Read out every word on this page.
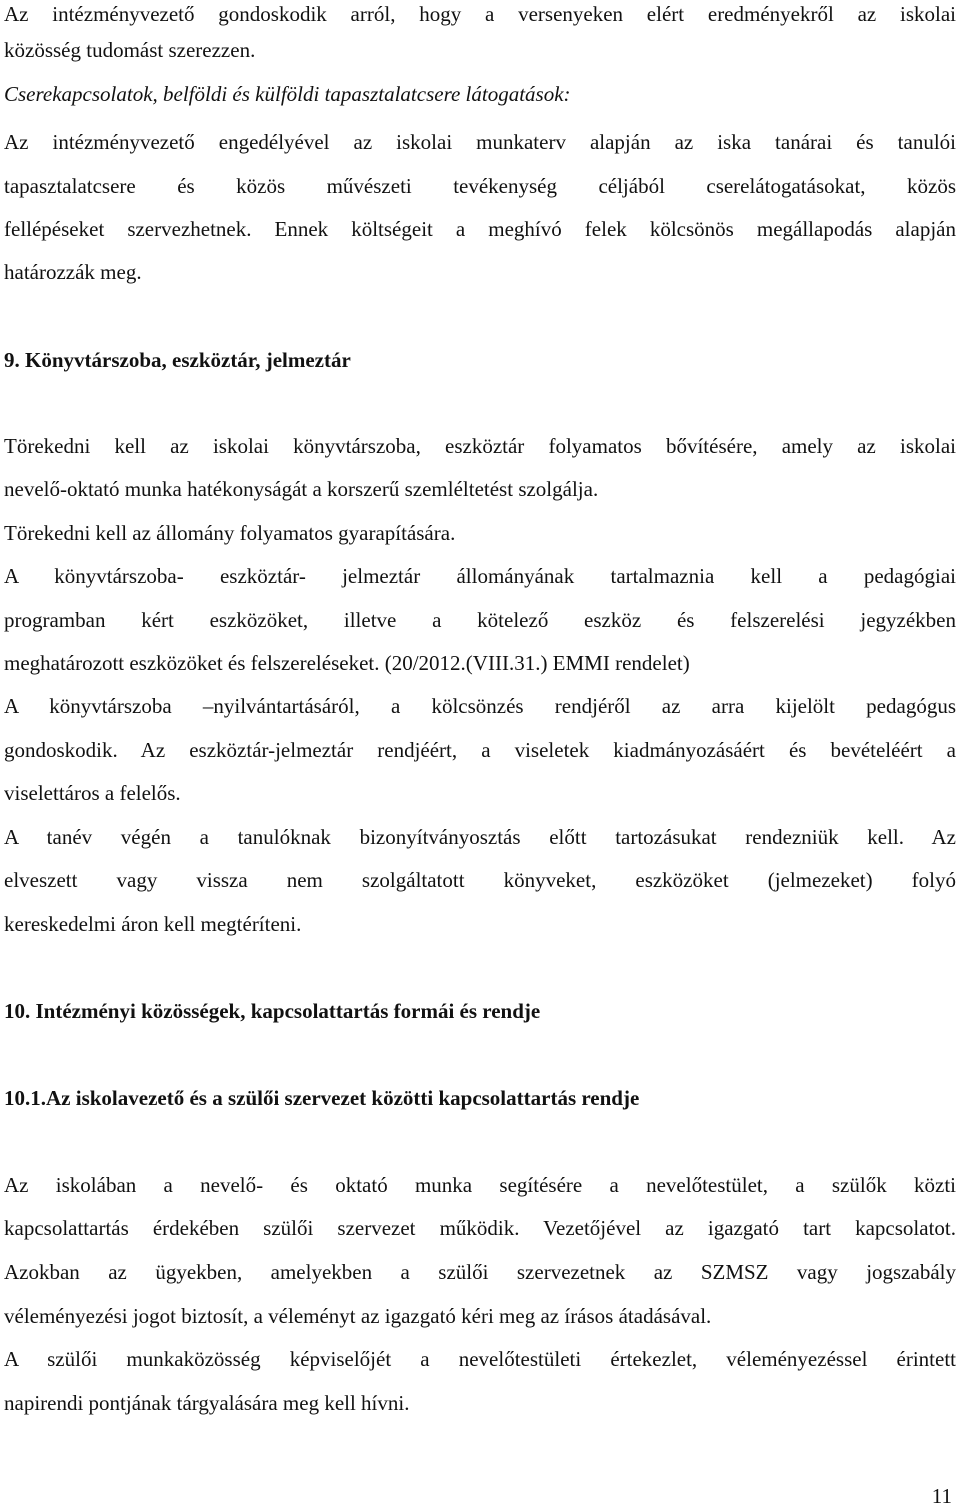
Az intézményvezető gondoskodik arról, hogy a versenyeken elért eredményekről az iskolai
közösség tudomást szerezzen.
Cserekapcsolatok, belföldi és külföldi tapasztalatcsere látogatások:
Az intézményvezető engedélyével az iskolai munkaterv alapján az iska tanárai és tanulói
tapasztalatcsere és közös művészeti tevékenység céljából cserelátogatásokat, közös
fellépéseket szervezhetnek. Ennek költségeit a meghívó felek kölcsönös megállapodás alapján
határozzák meg.
9. Könyvtárszoba, eszköztár, jelmeztár
Törekedni kell az iskolai könyvtárszoba, eszköztár folyamatos bővítésére, amely az iskolai
nevelő-oktató munka hatékonyságát a korszerű szemléltetést szolgálja.
Törekedni kell az állomány folyamatos gyarapítására.
A könyvtárszoba- eszköztár- jelmeztár állományának tartalmaznia kell a pedagógiai
programban kért eszközöket, illetve a kötelező eszköz és felszerelési jegyzékben
meghatározott eszközöket és felszereléseket. (20/2012.(VIII.31.) EMMI rendelet)
A könyvtárszoba –nyilvántartásáról, a kölcsönzés rendjéről az arra kijelölt pedagógus
gondoskodik. Az eszköztár-jelmeztár rendjéért, a viseletek kiadmányozásáért és bevételéért a
viselettáros a felelős.
A tanév végén a tanulóknak bizonyítványosztás előtt tartozásukat rendezniük kell. Az
elveszett vagy vissza nem szolgáltatott könyveket, eszközöket (jelmezeket) folyó
kereskedelmi áron kell megtéríteni.
10. Intézményi közösségek, kapcsolattartás formái és rendje
10.1.Az iskolavezető és a szülői szervezet közötti kapcsolattartás rendje
Az iskolában a nevelő- és oktató munka segítésére a nevelőtestület, a szülők közti
kapcsolattartás érdekében szülői szervezet működik. Vezetőjével az igazgató tart kapcsolatot.
Azokban az ügyekben, amelyekben a szülői szervezetnek az SZMSZ vagy jogszabály
véleményezési jogot biztosít, a véleményt az igazgató kéri meg az írásos átadásával.
A szülői munkaközösség képviselőjét a nevelőtestületi értekezlet, véleményezéssel érintett
napirendi pontjának tárgyalására meg kell hívni.
11
